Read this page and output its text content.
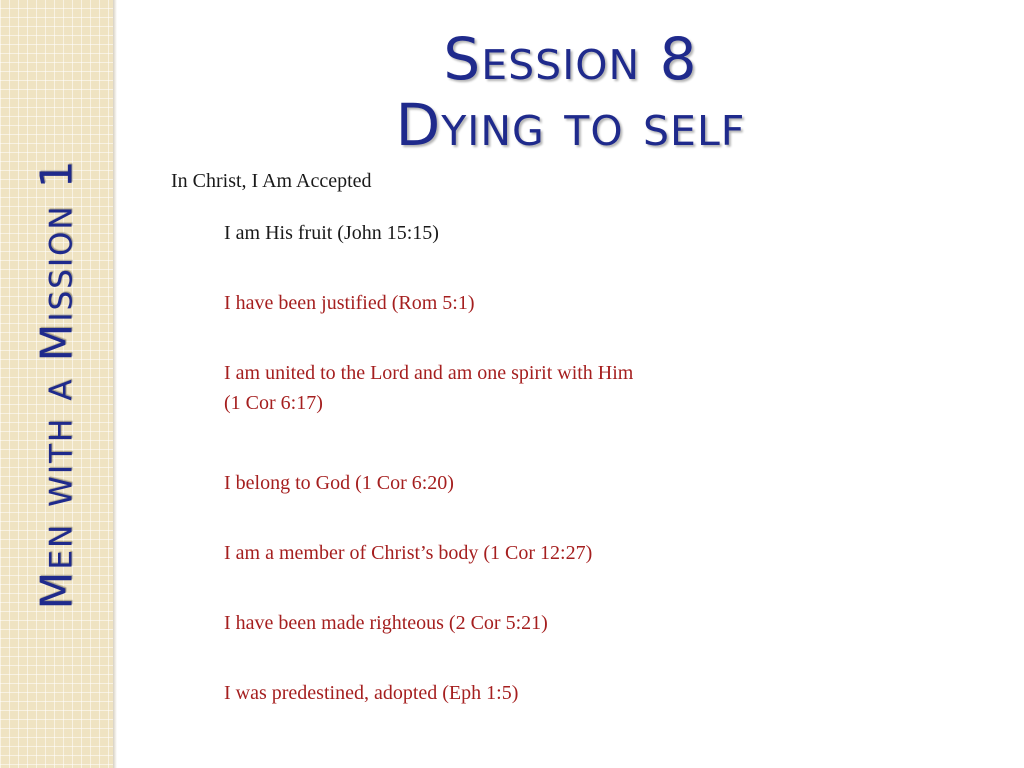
Men with a Mission 1
Session 8
Dying to self
In Christ, I Am Accepted
I am His fruit (John 15:15)
I have been justified (Rom 5:1)
I am united to the Lord and am one spirit with Him
(1 Cor 6:17)
I belong to God (1 Cor 6:20)
I am a member of Christ’s body (1 Cor 12:27)
I have been made righteous (2 Cor 5:21)
I was predestined, adopted (Eph 1:5)
